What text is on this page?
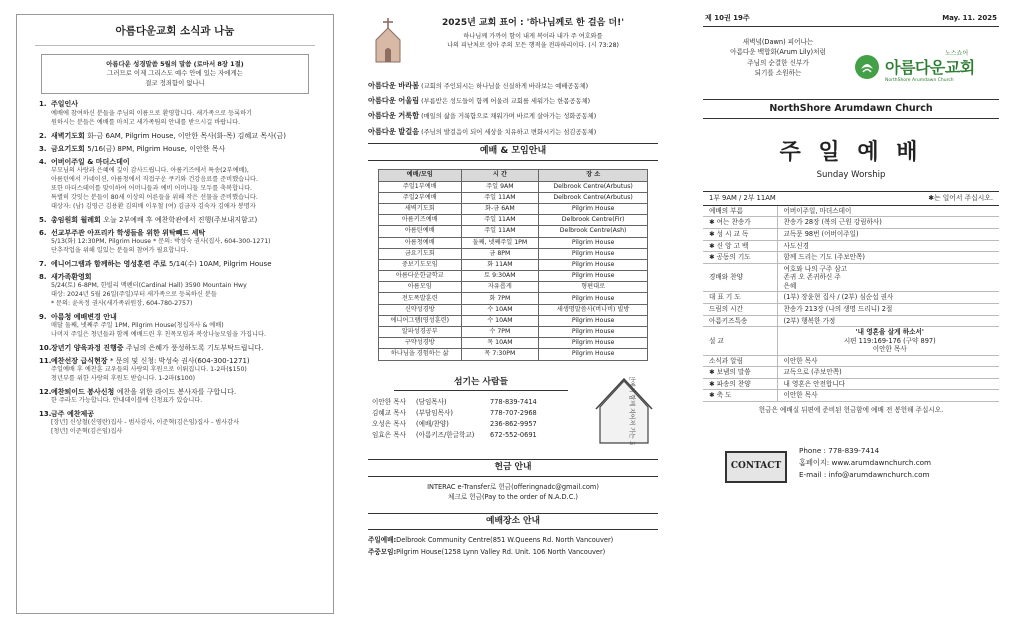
아름다운교회 소식과 나눔
아름다운 성경말씀 5월의 말씀 (로마서 8장 1절)
그러므로 이제 그리스도 예수 안에 있는 자에게는
결코 정죄함이 없나니
1. 주일인사
예배에 참여하신 분들을 주님의 이름으로 환영합니다. 새가족으로 등록하기
원하시는 분들은 예배를 마치고 새가족팀의 안내를 받으시길 바랍니다.
2. 새벽기도회 화-금 6AM, Pilgrim House, 이안한 목사(화-목) 김혜교 목사(금)
3. 금요기도회 5/16(금) 8PM, Pilgrim House, 이안한 목사
4. 어버이주일 & 마더스데이
부모님의 사랑과 은혜에 깊이 감사드립니다. 아름키즈에서 특송(2부예배),
아름틴에서 카네이션, 아름청에서 직접구운 쿠키와 건강음료를 준비했습니다.
또한 마더스데이를 맞이하여 어머니들과 예비 어머니들 모두를 축복합니다.
특별히 갓잇는 분들이 80세 이상의 어른들을 위해 작은 선물을 준비했습니다.
대상자: (남) 김영근 김용환 김의배 이우철 (여) 김금자 김숙자 김애자 봉명자
5. 총임원회 월례회 오늘 2부예배 후 예찬학관에서 진행(주보내지함고)
6. 선교부주관 아프리카 학생들을 위한 위탁빼드 세탁
5/13(화) 12:30PM, Pilgrim House * 문의: 박성숙 권사(집사, 604-300-1271)
단추작업을 위해 일있는 분들의 참여가 필요합니다.
7. 에니어그램과 함께하는 영성훈련 주로 5/14(수) 10AM, Pilgrim House
8. 새가족환영회
5/24(토) 6-8PM, 한빌리 맥펜터(Cardinal Hall) 3590 Mountain Hwy
대상: 2024년 5월 26일(주일)부터 새가족으로 등록하신 분들
* 문의: 윤옥정 권사(새가족위원장, 604-780-2757)
9. 아름청 예배변경 안내
매달 둘째, 넷째주 주일 1PM, Pilgrim House(청십자사 & 예배)
나머지 주일은 청년들과 함께 예배드린 후 친목모임과 복상나눔모임을 가집니다.
10.장년기 양육과정 진행중 주님의 은혜가 풍성하도록 기도부탁드립니다.
11.예찬선장 급식현장 * 문의 및 신청: 박성숙 권사(604-300-1271)
주일예배 후 예찬훈 교우들의 사랑의 후원으로 이뤄집니다. 1-2파($150)
청년부를 위한 사랑의 후원도 받습니다. 1-2파($100)
12.예찬퇴이드 봉사신청 예찬을 위한 라이드 봉사자를 구합니다.
한 주라도 가능합니다. 안내데이블에 신청표가 있습니다.
13.금주 예찬제공
[장년] 신상철(신영란)집사 - 범사감사, 이준혁(김은임)집사 - 범사감사
[청년] 이준혁(김은임)집사
2025년 교회 표어 : '하나님께로 한 걸음 더!'
하나님께 가까이 함이 내게 복이라 내가 주 여호와를
나의 피난처로 삼아 주의 모든 행적을 전파하리이다. (시 73:28)
아름다운 바라봄 (교회의 주인되시는 하나님을 신실하게 바라보는 예배공동체)
아름다운 어울림 (부름받은 성도들이 함께 어울려 교회를 세워가는 한몸공동체)
아름다운 거룩함 (매일의 삶을 거룩함으로 채워가며 바르게 살아가는 성화공동체)
아름다운 발걸음 (주님의 발걸음이 되어 세상을 치유하고 변화시키는 섬김공동체)
예배 & 모임안내
예배/모임	시 간	장 소
주일1부예배	주일 9AM	Delbrook Centre(Arbutus)
주일2부예배	주일 11AM	Delbrook Centre(Arbutus)
새벽기도회	화-금 6AM	Pilgrim House
아름키즈예배	주일 11AM	Delbrook Centre(Fir)
아름틴예배	주일 11AM	Delbrook Centre(Ash)
아름청예배	둘째, 넷째주일 1PM	Pilgrim House
금요기도회	금 8PM	Pilgrim House
중보기도모임	화 11AM	Pilgrim House
아름다운한글학교	토 9:30AM	Pilgrim House
아름모임	자유롭게	형편대로
전도폭발훈련	화 7PM	Pilgrim House
신약성경방	수 10AM	새생명말씀사(버나비) 빌방
에니어그램(영성훈련)	수 10AM	Pilgrim House
알파성경공부	수 7PM	Pilgrim House
구약성경방	목 10AM	Pilgrim House
하나님을 경험하는 삶	목 7:30PM	Pilgrim House
섬기는 사람들
이안한 목사	(담임목사)	778-839-7414
김혜교 목사	(부담임목사)	778-707-2968
오성은 목사	(예배/찬양)	236-862-9957
임효은 목사	(아름키즈/한글학교)	672-552-0691	예수 안에서 함께 지어져 가는 교회
헌금 안내
INTERAC e-Transfer로 헌금(offeringnadc@gmail.com)
체크로 헌금(Pay to the order of N.A.D.C.)
예배장소 안내
주일예배:Delbrook Community Centre(851 W.Queens Rd. North Vancouver)
주중모임:Pilgrim House(1258 Lynn Valley Rd. Unit. 106 North Vancouver)
제 10권 19주	May. 11. 2025
새벽녘(Dawn) 피어나는
아름다운 백합화(Arum Lily)처럼
주님의 순결한 신부가
되기를 소원하는
노스쇼어
아름다운교회
NorthShore Arumdawn Church
NorthShore Arumdawn Church
주 일 예 배
Sunday Worship
1부 9AM / 2부 11AM	✱는 일어서 주십시오.
예배의 부름	어버이주일, 마더스데이

✱ 여는 찬송가	찬송가 28장 (복의 근원 강림하사)

✱ 성 시 교 독	교독문 98번 (어버이주일)

✱ 신 앙 고 백	사도신경

✱ 공동의 기도	함께 드리는 기도 (주보안쪽)

경배와 찬양	여호와 나의 구주 삼고
존귀 오 존귀하신 주
은혜

대 표 기 도	(1부) 장윤현 집사 / (2부) 심순섭 권사

드림의 시간	찬송가 213장 (나의 생명 드리니) 2절

아름키즈특송	(2부) 행복한 가정

설 교	'내 영혼을 살게 하소서'
시편 119:169-176 (구약 897)
이안한 목사

소식과 알림	이안한 목사

✱ 보냄의 말씀	교독으로 (주보안쪽)

✱ 파송의 찬양	내 영혼은 안전합니다

✱ 축 도	이안한 목사
헌금은 예배실 뒤편에 준비된 헌금함에 예배 전 봉헌해 주십시오.
CONTACT
Phone : 778-839-7414
홈페이지: www.arumdawnchurch.com
E-mail : info@arumdawnchurch.com
